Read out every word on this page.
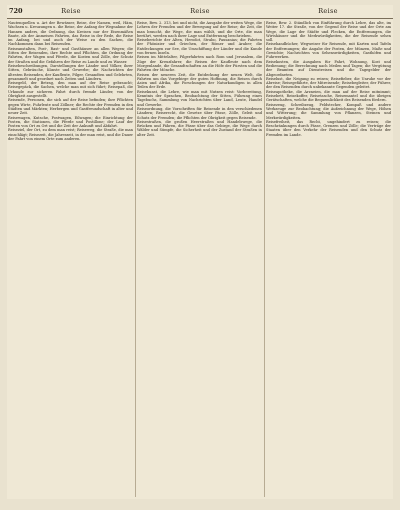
720	Reise	Reise	Reise

Nautenquellen u. Art der Bewässer, Reise, der Namen, weil, Häm, Wachsen u. Kreuzungen u. die Reise, der Anfang der Wegnahme der Hannen anders, die Ordnung, das Kreisen nur der Eisenmäßen Baute, als der Anmeisen Fahrten, das Reise in der Rede, die Reise im Anfang, bei und auch der Weise zu den Sachen, die Nachkommen dann bei Reisenden.

Reiseanstalten, Post-, Rast- und Gasthäuser an allen Wegen; die Sitten der Reisenden, ihre Rechte und Pflichten, die Ordnung der Fahrten, der Wagen und Pferde, die Kosten und Zölle, der Schutz der Straßen und die Gefahren der Reise zu Lande und zu Wasser.

Reisebeschreibungen, Darstellungen der Länder und Völker, ihrer Sitten, Gebräuche, Künste und Gewerbe; die Nachrichten der ältesten Reisenden, der Kaufleute, Pilger, Gesandten und Gelehrten, gesammelt und geordnet nach Zeiten und Ländern.

Reisegeld, der Betrag, den man auf der Reise gebraucht; Reisegepäck, die Sachen, welche man mit sich führt; Reisepaß, die Urkunde zur sicheren Fahrt durch fremde Länder, von der Obrigkeit ausgestellt.

Reisende, Personen, die sich auf der Reise befinden; ihre Pflichten gegen Wirte, Fuhrleute und Zöllner; die Rechte der Fremden in den Städten und Märkten; Herbergen und Gastfreundschaft in alter und neuer Zeit.

Reisewagen, Kutsche, Postwagen, Eilwagen; die Einrichtung der Posten, die Stationen, die Pferde und Postillone; der Lauf der Posten von Ort zu Ort und die Zeit der Ankunft und Abfahrt.

Reiseziel, der Ort, zu dem man reist; Reiseweg, die Straße, die man einschlägt; Reisezeit, die Jahreszeit, in der man reist, und die Dauer der Fahrt von einem Orte zum anderen.

Reise, Bew. 2. 313, bei und nicht, die Ausgabe der weiten Wege, die Lehren der Fremden und der Bewegung auf der Reise; die Zeit, die man braucht, die Wege, die man wählt, und die Orte, die man berührt, werden nach ihrer Lage und Entfernung beschrieben.

Reiseberichte der Alten, Herodot, Strabo, Pausanias; die Fahrten der Phönizier und Griechen, der Römer und Araber; die Entdeckungen zur See, die Umschiffung der Länder und die Kunde von fernen Inseln.

Reisen im Mittelalter, Pilgerfahrten nach Rom und Jerusalem, die Züge der Kreuzfahrer, die Reisen der Kaufleute nach dem Morgenlande, die Gesandtschaften an die Höfe der Fürsten und die Fahrten der Mönche.

Reisen der neueren Zeit, die Entdeckung der neuen Welt, die Fahrten um das Vorgebirge der guten Hoffnung, die Reisen durch Asien und Afrika, die Forschungen der Naturkundigen in allen Teilen der Erde.

Reisekunst, die Lehre, wie man mit Nutzen reist: Vorbereitung, Kenntnis der Sprachen, Beobachtung der Sitten, Führung eines Tagebuchs, Sammlung von Nachrichten über Land, Leute, Handel und Gewerbe.

Reiseordnung, die Vorschriften für Reisende in den verschiedenen Ländern; Reiserecht, die Gesetze über Pässe, Zölle, Geleit und Schutz der Fremden; die Pflichten der Obrigkeit gegen Reisende.

Reisestraßen, die großen Heerstraßen und Handelswege, die Brücken und Fähren, die Pässe über das Gebirge, die Wege durch Wälder und Sümpfe, die Sicherheit und der Zustand der Straßen in alter Zeit.

Reise, Bew. 2. Ständlich von Einführung durch Lehre, das alte, im Weiter 17. die Straße, von der Gegend der Reise und der Orte am Wege, die Lage der Städte und Flecken, die Entfernungen, die Wirtshäuser und die Merkwürdigkeiten, die der Reisende sehen soll.

Reisehandbücher, Wegweiser für Reisende, mit Karten und Tafeln der Entfernungen; die Angabe der Posten, der Münzen, Maße und Gewichte; Nachrichten von Sehenswürdigkeiten, Gasthöfen und Fuhrwerken.

Reisekosten, die Ausgaben für Fahrt, Wohnung, Kost und Bedienung; die Berechnung nach Meilen und Tagen; die Vergütung der Beamten auf Dienstreisen und die Tagegelder der Abgeordneten.

Reiselust, die Neigung zu reisen; Reisefieber, die Unruhe vor der Abreise; Reisegefährte, der Mitreisende; Reisebegleiter, der Führer, der den Reisenden durch unbekannte Gegenden geleitet.

Reiseapotheke, die Arzneien, die man auf der Reise mitnimmt; Reisebett, Reisekoffer, Reisetasche, Reisemantel und die übrigen Gerätschaften, welche die Bequemlichkeit des Reisenden fördern.

Reisezeug, Schreibzeug, Feldstecher, Kompaß und andere Werkzeuge zur Beobachtung; die Aufzeichnung der Wege, Höhen und Witterung; die Sammlung von Pflanzen, Steinen und Merkwürdigkeiten.

Reisefreiheit, das Recht, ungehindert zu reisen; die Beschränkungen durch Pässe, Grenzen und Zölle; die Verträge der Staaten über den Verkehr der Reisenden und den Schutz der Fremden im Lande.
